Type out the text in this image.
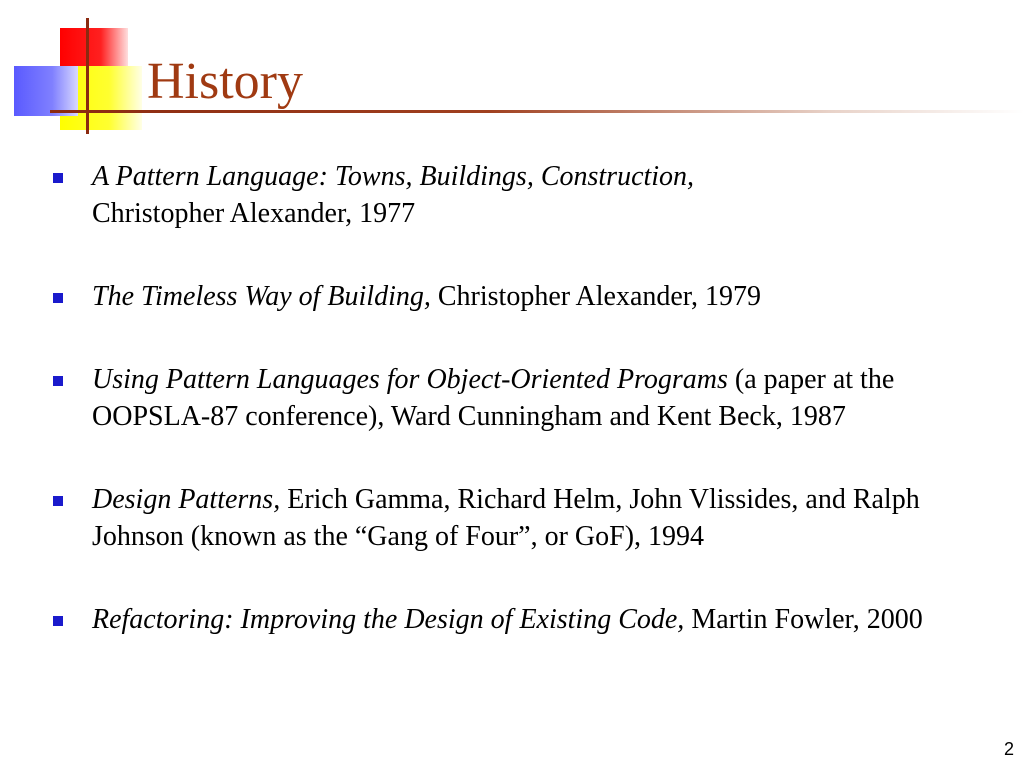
History
A Pattern Language: Towns, Buildings, Construction,
Christopher Alexander, 1977
The Timeless Way of Building, Christopher Alexander, 1979
Using Pattern Languages for Object-Oriented Programs (a paper at the OOPSLA-87 conference), Ward Cunningham and Kent Beck, 1987
Design Patterns, Erich Gamma, Richard Helm, John Vlissides, and Ralph Johnson (known as the “Gang of Four”, or GoF), 1994
Refactoring: Improving the Design of Existing Code, Martin Fowler, 2000
2
